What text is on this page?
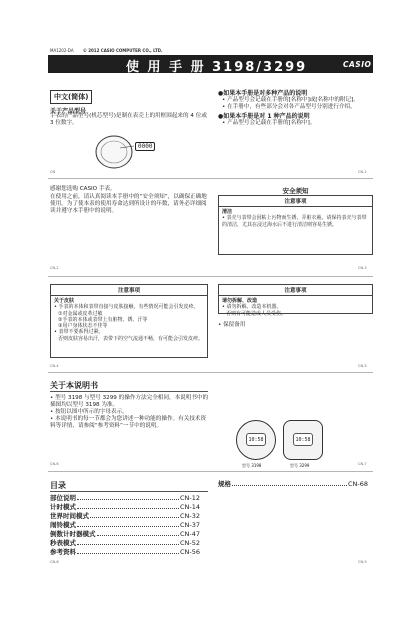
MA1202-DA © 2012 CASIO COMPUTER CO., LTD.
使 用 手 册 3198/3299	CASIO
中文(简体)
关于产品型号
手表的产品型号(机芯型号)是制在表壳上的用框围起来的 4 位或 3 位数字。
0000
●如果本手册是对多种产品的说明
• 产品型号会记载在手册的[名称中]或[名称中的附记]。
• 在手册中，有些部分会对各产品型号分别进行介绍。
●如果本手册是对 1 种产品的说明
• 产品型号会记载在手册的[名称中]。
CN	CN-1
感谢您选购 CASIO 手表。
在使用之前，请认真阅读本手册中的“安全须知”，以确保正确地使用。为了使本表的使用寿命达到所设计的年数，请务必详细阅读并遵守本手册中的说明。
安全须知
注意事项
清洁
• 表壳与表带会因粘上污物而生锈，弄脏衣袖。请保持表壳与表带的清洁，尤其在浸过海水后不进行清洁则容易生锈。
CN-2	CN-3
注意事项
关于皮肤
• 手表的本体和表带直接与皮肤接触，有些情况可能会引发皮疹。
①对金属或皮革过敏
②手表的本体或表带上有脏物、锈、汗等
③用户身体状态不佳等
• 表带不要系得过紧。
否则皮肤容易出汗，表带下的空气流通不畅，有可能会引发皮疹。
注意事项
请勿拆解、改造
• 请勿拆解、改造本机器。
否则有可能造成人员受伤。
• 保留备用
CN-4	CN-5
关于本说明书
• 型号 3198 与型号 3299 的操作方法完全相同，本说明书中的插图均以型号 3198 为准。
• 按钮以图中所示的字母表示。
• 本说明书的每一节都会为您讲述一种功能的操作。有关技术资料等详情，请参阅“参考资料”一节中的说明。
10:58	10:58
型号 3198	型号 3299
CN-6	CN-7
目录
部位说明	CN-12
计时模式	CN-14
世界时间模式	CN-32
闹铃模式	CN-37
倒数计时器模式	CN-47
秒表模式	CN-52
参考资料	CN-56
规格	CN-68
CN-8	CN-9
